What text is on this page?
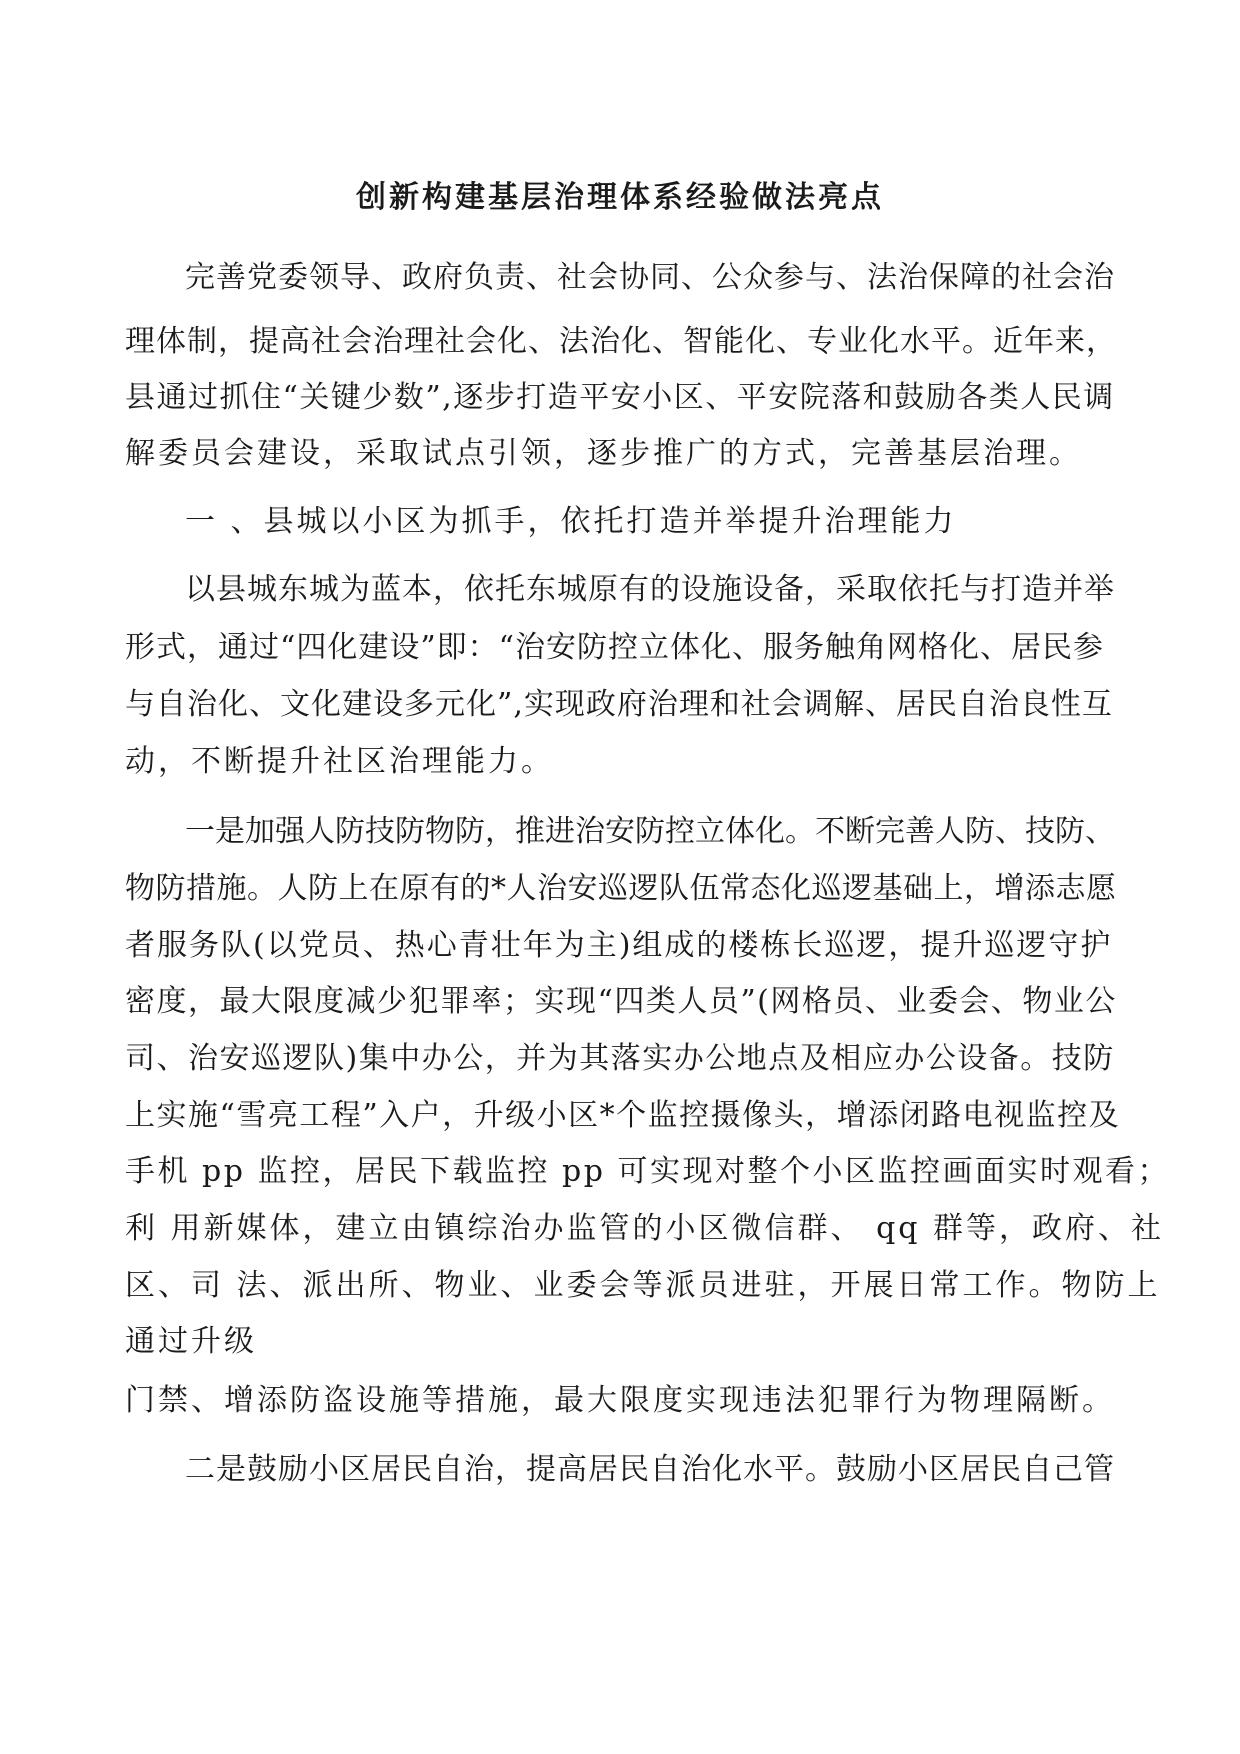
创新构建基层治理体系经验做法亮点
完善党委领导、政府负责、社会协同、公众参与、法治保障的社会治
理体制，提高社会治理社会化、法治化、智能化、专业化水平。近年来，
县通过抓住“关键少数”,逐步打造平安小区、平安院落和鼓励各类人民调
解委员会建设，采取试点引领，逐步推广的方式，完善基层治理。
一 、县城以小区为抓手，依托打造并举提升治理能力
以县城东城为蓝本，依托东城原有的设施设备，采取依托与打造并举
形式，通过“四化建设”即：“治安防控立体化、服务触角网格化、居民参
与自治化、文化建设多元化”,实现政府治理和社会调解、居民自治良性互
动，不断提升社区治理能力。
一是加强人防技防物防，推进治安防控立体化。不断完善人防、技防、
物防措施。人防上在原有的*人治安巡逻队伍常态化巡逻基础上，增添志愿
者服务队(以党员、热心青壮年为主)组成的楼栋长巡逻，提升巡逻守护
密度，最大限度减少犯罪率；实现“四类人员”(网格员、业委会、物业公
司、治安巡逻队)集中办公，并为其落实办公地点及相应办公设备。技防
上实施“雪亮工程”入户，升级小区*个监控摄像头，增添闭路电视监控及
手机 pp 监控，居民下载监控 pp 可实现对整个小区监控画面实时观看；
利 用新媒体，建立由镇综治办监管的小区微信群、 qq 群等，政府、社
区、司 法、派出所、物业、业委会等派员进驻，开展日常工作。物防上
通过升级
门禁、增添防盗设施等措施，最大限度实现违法犯罪行为物理隔断。
二是鼓励小区居民自治，提高居民自治化水平。鼓励小区居民自己管
